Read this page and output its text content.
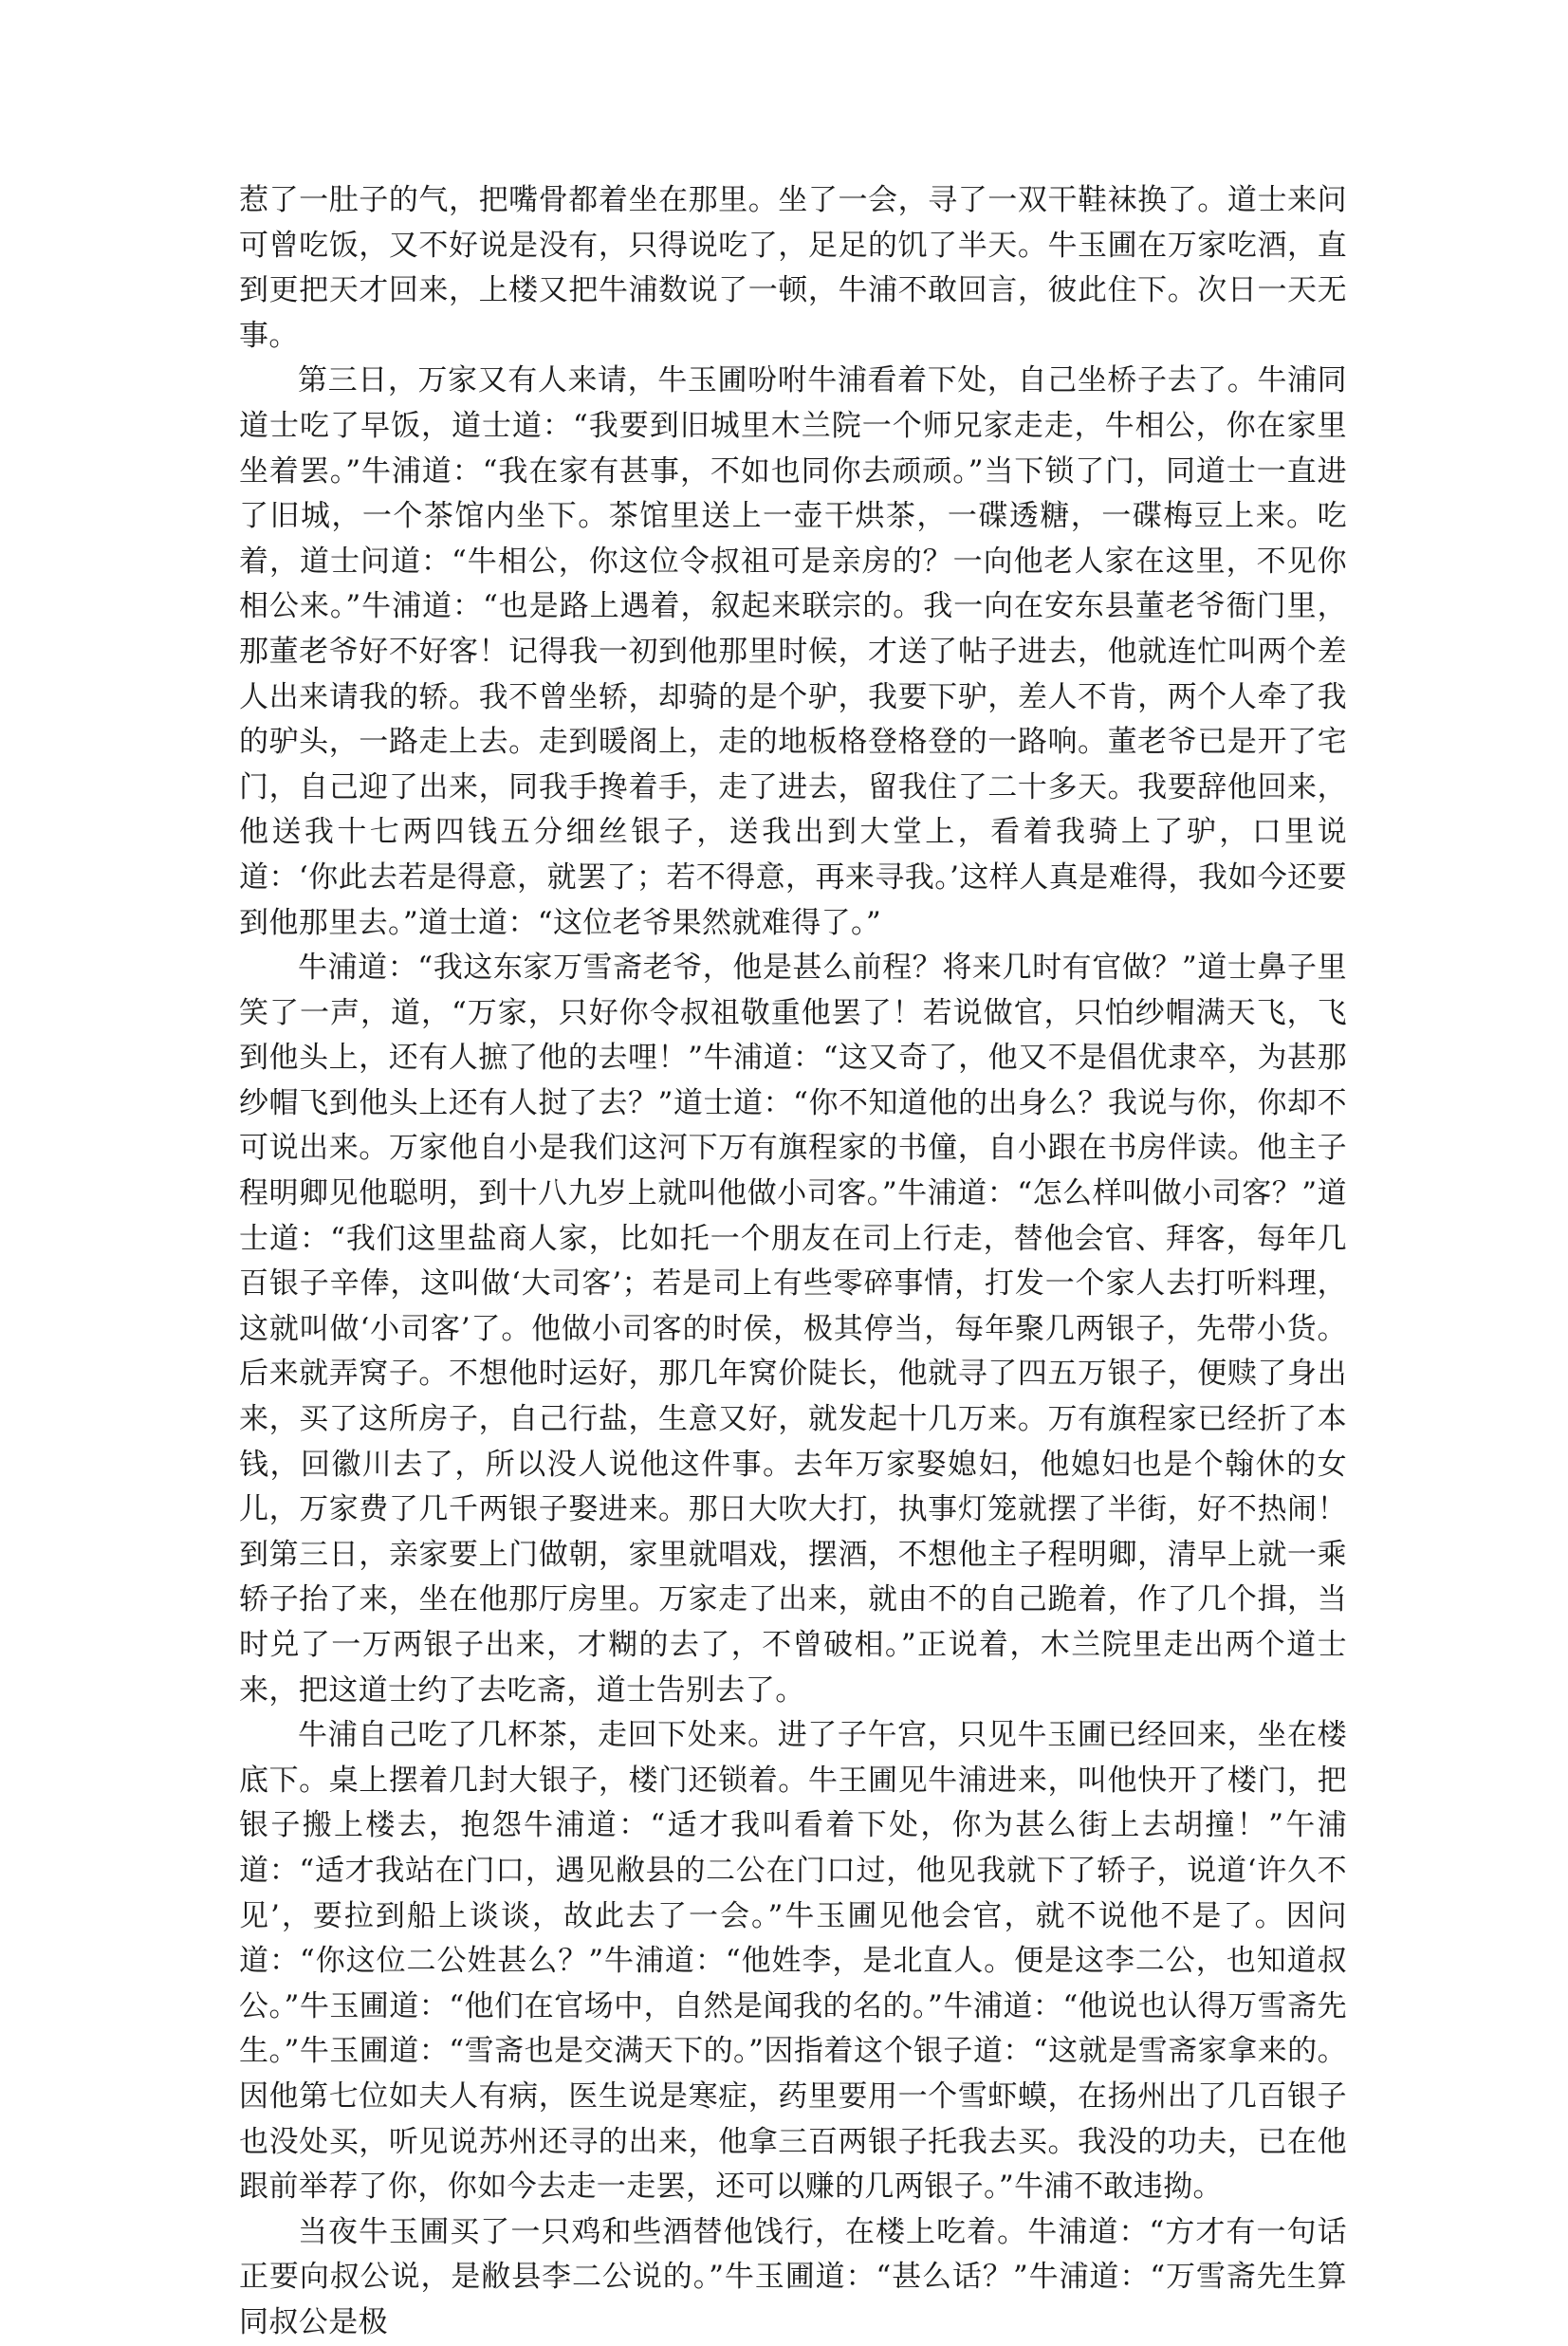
惹了一肚子的气，把嘴骨都着坐在那里。坐了一会，寻了一双干鞋袜换了。道士来问可曾吃饭，又不好说是没有，只得说吃了，足足的饥了半天。牛玉圃在万家吃酒，直到更把天才回来，上楼又把牛浦数说了一顿，牛浦不敢回言，彼此住下。次日一天无事。

第三日，万家又有人来请，牛玉圃吩咐牛浦看着下处，自己坐桥子去了。牛浦同道士吃了早饭，道士道：“我要到旧城里木兰院一个师兄家走走，牛相公，你在家里坐着罢。”牛浦道：“我在家有甚事，不如也同你去顽顽。”当下锁了门，同道士一直进了旧城，一个茶馆内坐下。茶馆里送上一壶干烘茶，一碟透糖，一碟梅豆上来。吃着，道士问道：“牛相公，你这位令叔祖可是亲房的？一向他老人家在这里，不见你相公来。”牛浦道：“也是路上遇着，叙起来联宗的。我一向在安东县董老爷衙门里，那董老爷好不好客！记得我一初到他那里时候，才送了帖子进去，他就连忙叫两个差人出来请我的轿。我不曾坐轿，却骑的是个驴，我要下驴，差人不肯，两个人牵了我的驴头，一路走上去。走到暖阁上，走的地板格登格登的一路响。董老爷已是开了宅门，自己迎了出来，同我手搀着手，走了进去，留我住了二十多天。我要辞他回来，他送我十七两四钱五分细丝银子，送我出到大堂上，看着我骑上了驴，口里说道：‘你此去若是得意，就罢了；若不得意，再来寻我。’这样人真是难得，我如今还要到他那里去。”道士道：“这位老爷果然就难得了。”

牛浦道：“我这东家万雪斋老爷，他是甚么前程？将来几时有官做？”道士鼻子里笑了一声，道，“万家，只好你令叔祖敬重他罢了！若说做官，只怕纱帽满天飞，飞到他头上，还有人摭了他的去哩！”牛浦道：“这又奇了，他又不是倡优隶卒，为甚那纱帽飞到他头上还有人挝了去？”道士道：“你不知道他的出身么？我说与你，你却不可说出来。万家他自小是我们这河下万有旗程家的书僮，自小跟在书房伴读。他主子程明卿见他聪明，到十八九岁上就叫他做小司客。”牛浦道：“怎么样叫做小司客？”道士道：“我们这里盐商人家，比如托一个朋友在司上行走，替他会官、拜客，每年几百银子辛俸，这叫做‘大司客’；若是司上有些零碎事情，打发一个家人去打听料理，这就叫做‘小司客’了。他做小司客的时侯，极其停当，每年聚几两银子，先带小货。后来就弄窝子。不想他时运好，那几年窝价陡长，他就寻了四五万银子，便赎了身出来，买了这所房子，自己行盐，生意又好，就发起十几万来。万有旗程家已经折了本钱，回徽川去了，所以没人说他这件事。去年万家娶媳妇，他媳妇也是个翰休的女儿，万家费了几千两银子娶进来。那日大吹大打，执事灯笼就摆了半街，好不热闹！到第三日，亲家要上门做朝，家里就唱戏，摆酒，不想他主子程明卿，清早上就一乘轿子抬了来，坐在他那厅房里。万家走了出来，就由不的自己跪着，作了几个揖，当时兑了一万两银子出来，才糊的去了，不曾破相。”正说着，木兰院里走出两个道士来，把这道士约了去吃斋，道士告别去了。

牛浦自己吃了几杯茶，走回下处来。进了子午宫，只见牛玉圃已经回来，坐在楼底下。桌上摆着几封大银子，楼门还锁着。牛王圃见牛浦进来，叫他快开了楼门，把银子搬上楼去，抱怨牛浦道：“适才我叫看着下处，你为甚么街上去胡撞！”午浦道：“适才我站在门口，遇见敝县的二公在门口过，他见我就下了轿子，说道‘许久不见’，要拉到船上谈谈，故此去了一会。”牛玉圃见他会官，就不说他不是了。因问道：“你这位二公姓甚么？”牛浦道：“他姓李，是北直人。便是这李二公，也知道叔公。”牛玉圃道：“他们在官场中，自然是闻我的名的。”牛浦道：“他说也认得万雪斋先生。”牛玉圃道：“雪斋也是交满天下的。”因指着这个银子道：“这就是雪斋家拿来的。因他第七位如夫人有病，医生说是寒症，药里要用一个雪虾蟆，在扬州出了几百银子也没处买，听见说苏州还寻的出来，他拿三百两银子托我去买。我没的功夫，已在他跟前举荐了你，你如今去走一走罢，还可以赚的几两银子。”牛浦不敢违拗。

当夜牛玉圃买了一只鸡和些酒替他饯行，在楼上吃着。牛浦道：“方才有一句话正要向叔公说，是敝县李二公说的。”牛玉圃道：“甚么话？”牛浦道：“万雪斋先生算同叔公是极
